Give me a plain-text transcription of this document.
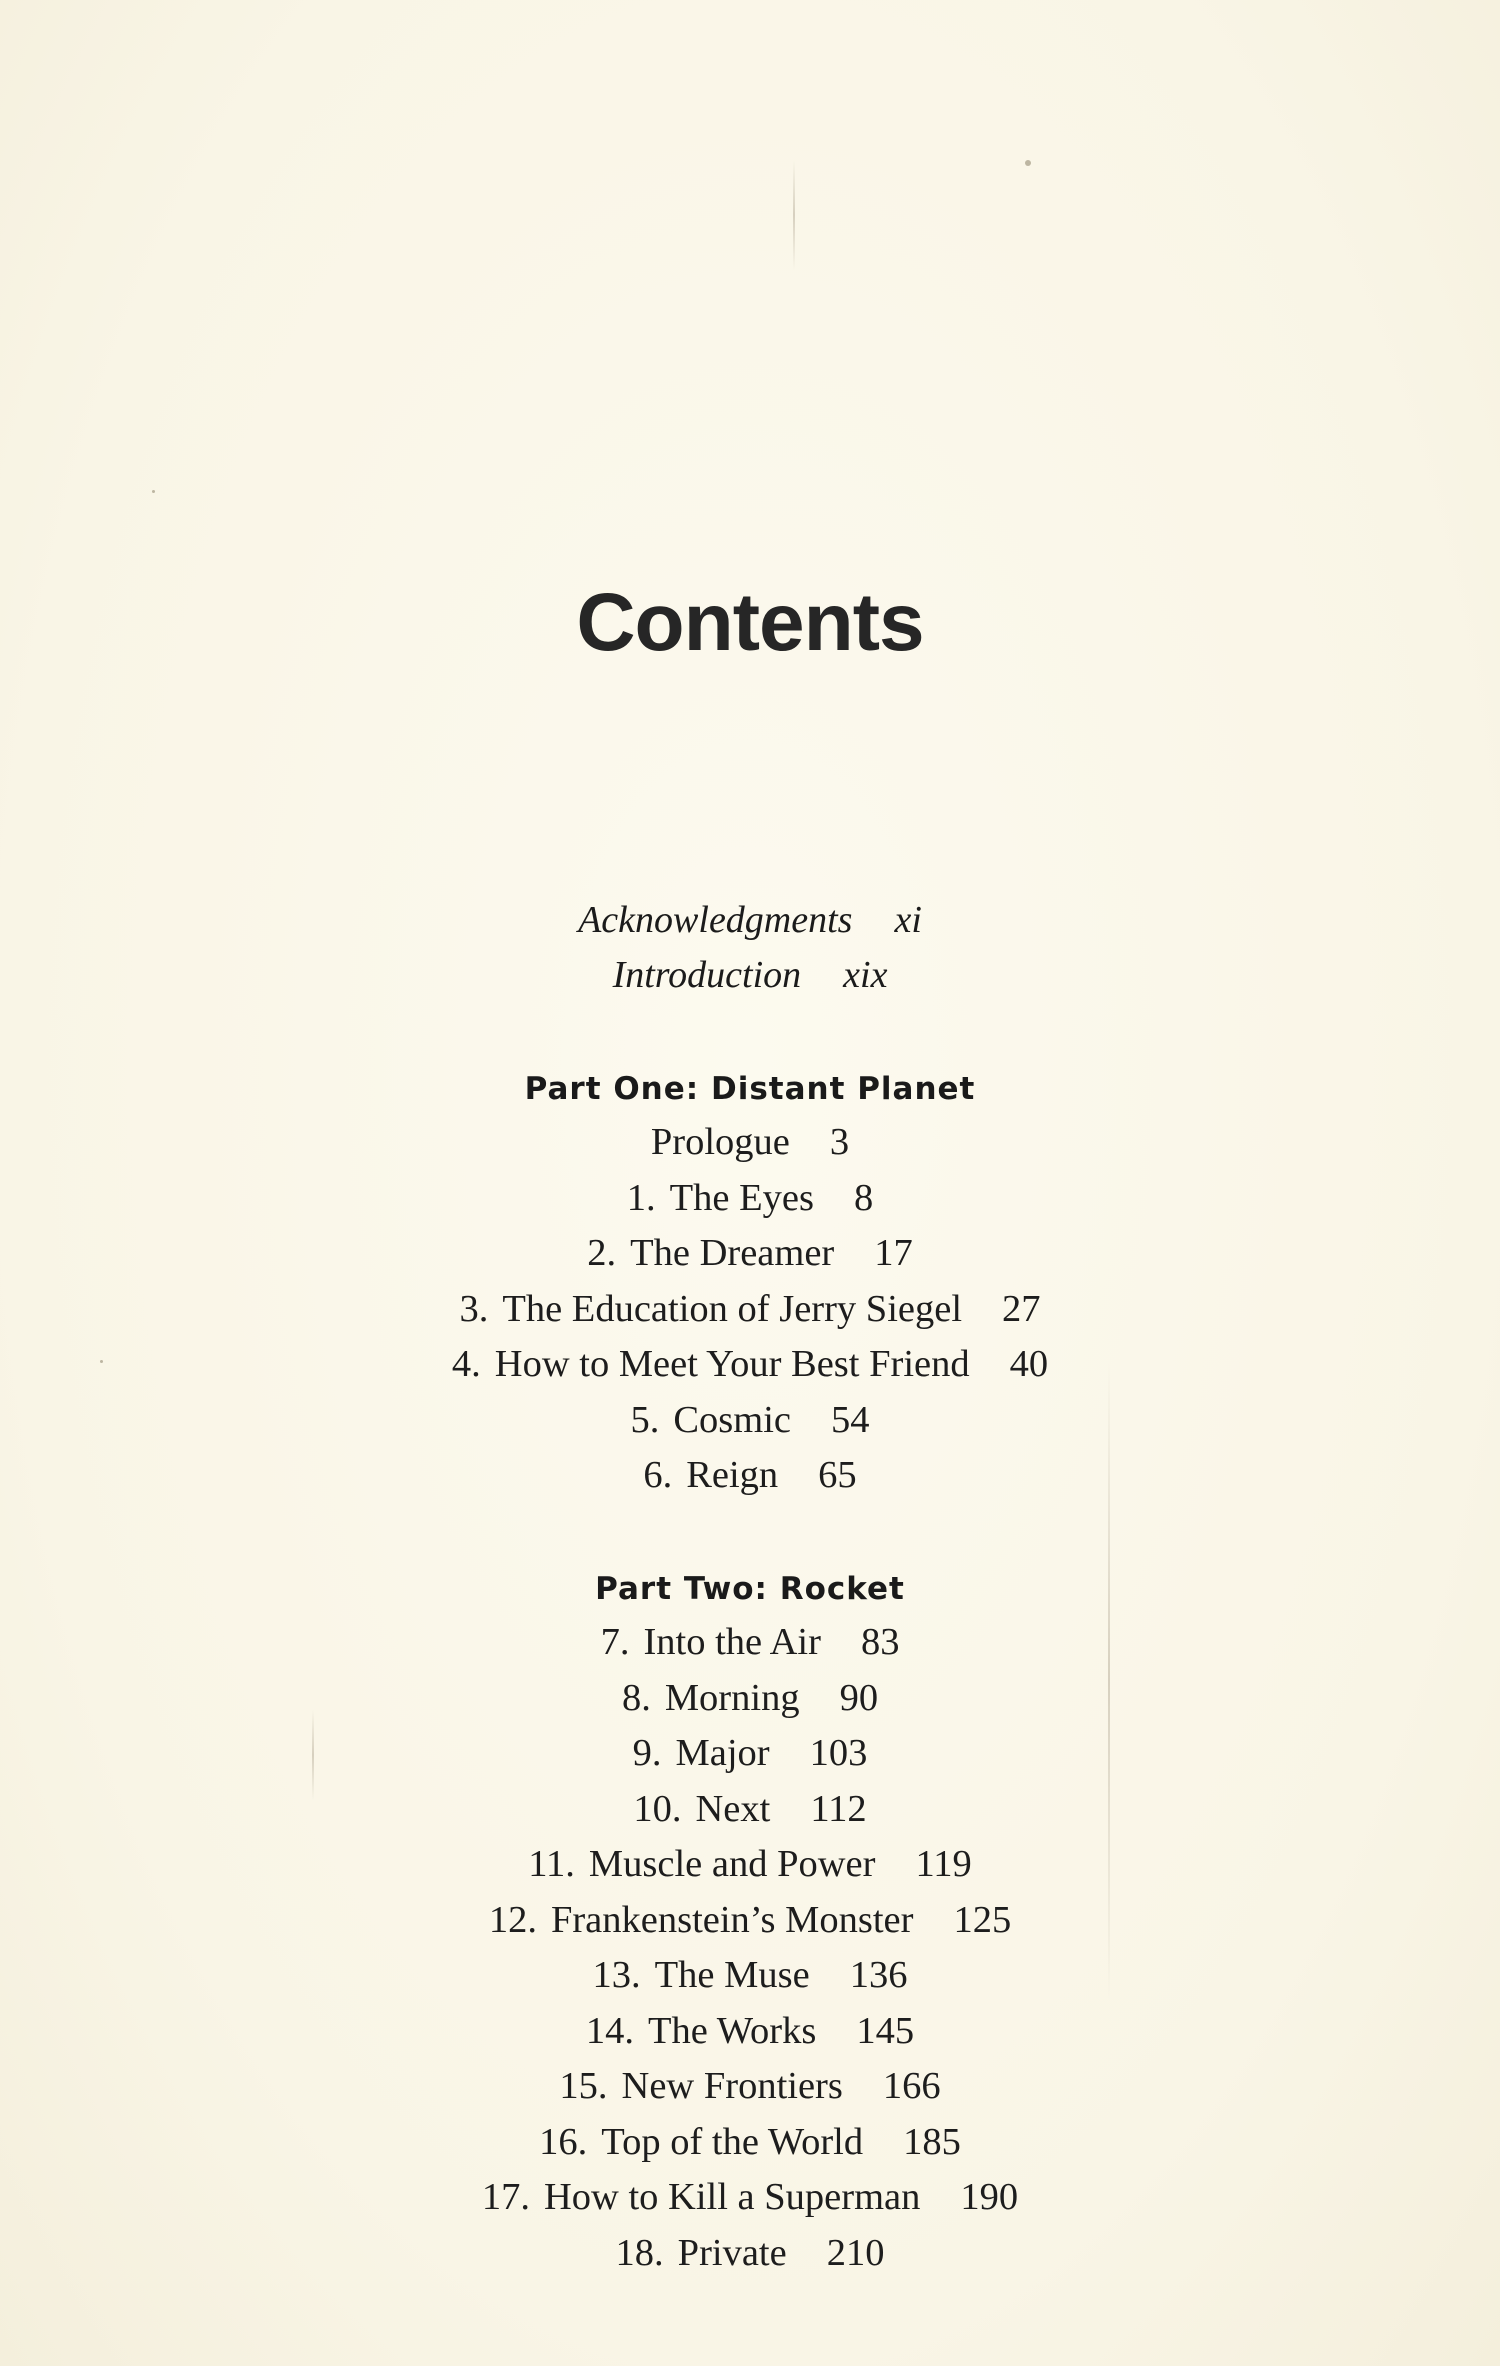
Contents
Acknowledgments xi
Introduction xix
Part One: Distant Planet
Prologue 3
1. The Eyes 8
2. The Dreamer 17
3. The Education of Jerry Siegel 27
4. How to Meet Your Best Friend 40
5. Cosmic 54
6. Reign 65
Part Two: Rocket
7. Into the Air 83
8. Morning 90
9. Major 103
10. Next 112
11. Muscle and Power 119
12. Frankenstein’s Monster 125
13. The Muse 136
14. The Works 145
15. New Frontiers 166
16. Top of the World 185
17. How to Kill a Superman 190
18. Private 210
